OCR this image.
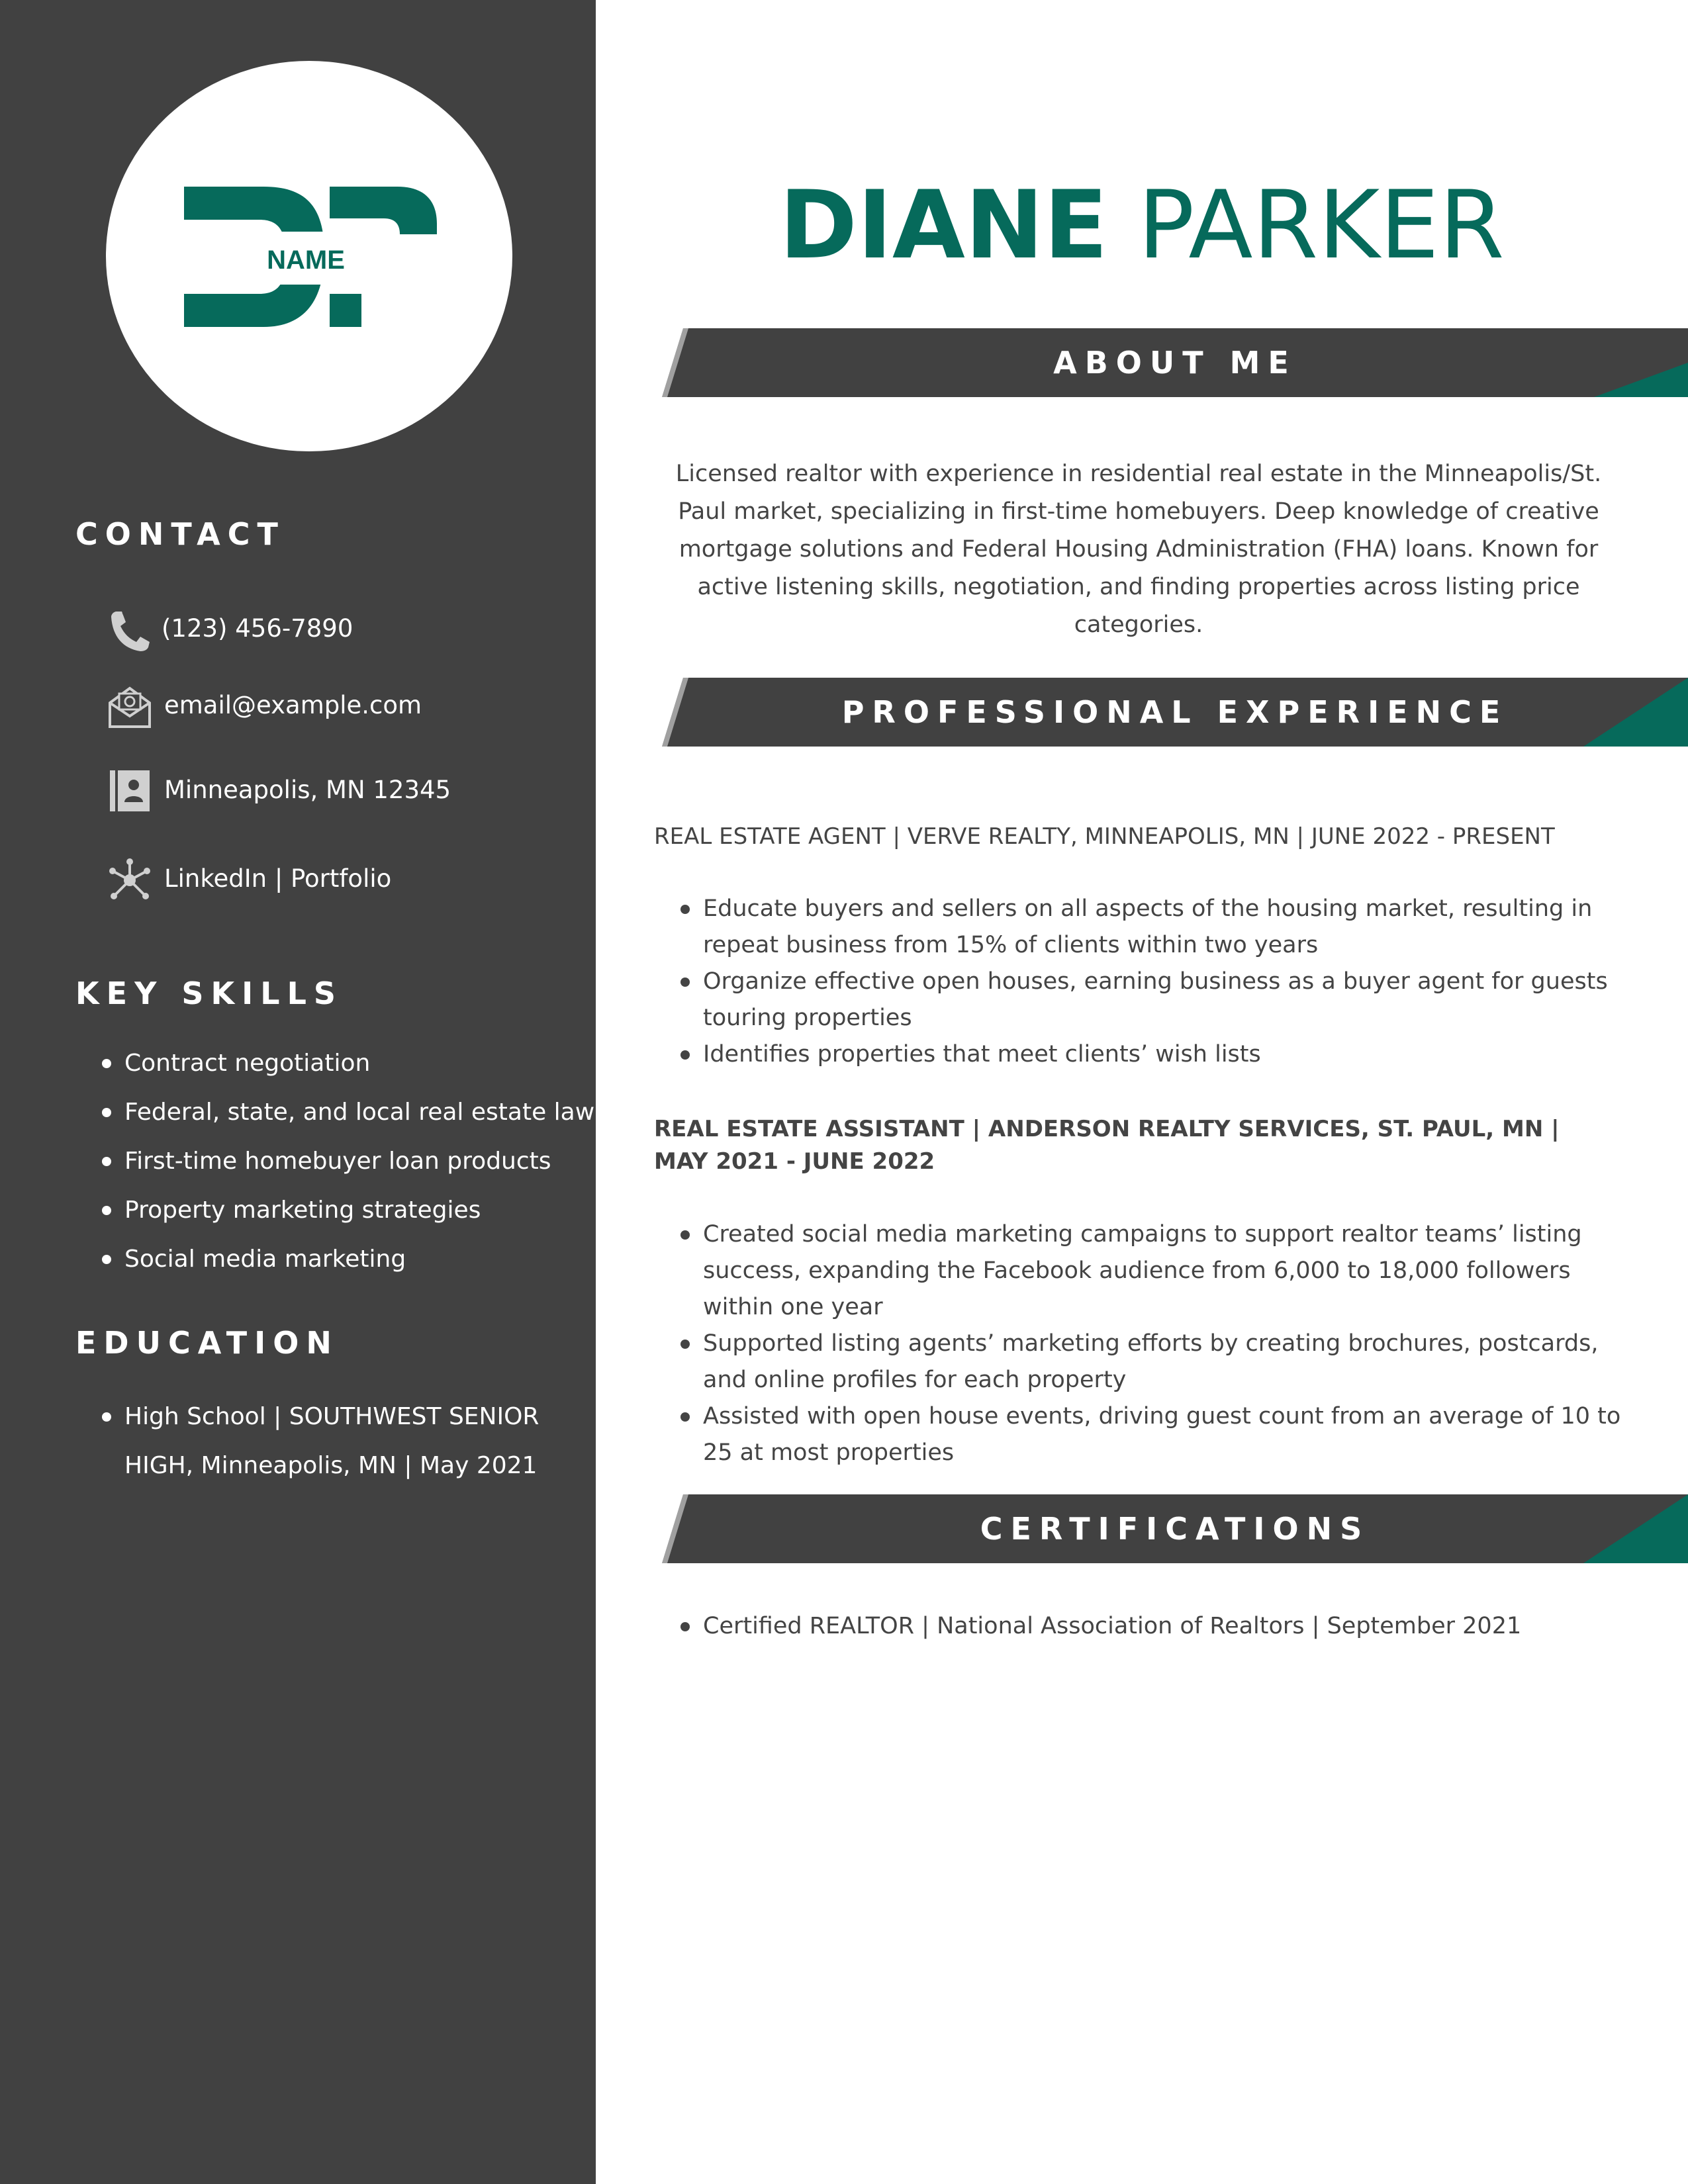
NAME
CONTACT
(123) 456-7890
email@example.com
Minneapolis, MN 12345
LinkedIn | Portfolio
KEY SKILLS
Contract negotiation
Federal, state, and local real estate law
First-time homebuyer loan products
Property marketing strategies
Social media marketing
EDUCATION
High School | SOUTHWEST SENIOR HIGH, Minneapolis, MN | May 2021
DIANE PARKER
ABOUT ME

Licensed realtor with experience in residential real estate in the Minneapolis/St. Paul market, specializing in first-time homebuyers. Deep knowledge of creative mortgage solutions and Federal Housing Administration (FHA) loans. Known for active listening skills, negotiation, and finding properties across listing price categories.

PROFESSIONAL EXPERIENCE

REAL ESTATE AGENT | VERVE REALTY, MINNEAPOLIS, MN | JUNE 2022 - PRESENT

Educate buyers and sellers on all aspects of the housing market, resulting in repeat business from 15% of clients within two years
Organize effective open houses, earning business as a buyer agent for guests touring properties
Identifies properties that meet clients’ wish lists

REAL ESTATE ASSISTANT | ANDERSON REALTY SERVICES, ST. PAUL, MN | MAY 2021 - JUNE 2022

Created social media marketing campaigns to support realtor teams’ listing success, expanding the Facebook audience from 6,000 to 18,000 followers within one year
Supported listing agents’ marketing efforts by creating brochures, postcards, and online profiles for each property
Assisted with open house events, driving guest count from an average of 10 to 25 at most properties
CERTIFICATIONS
Certified REALTOR | National Association of Realtors | September 2021
